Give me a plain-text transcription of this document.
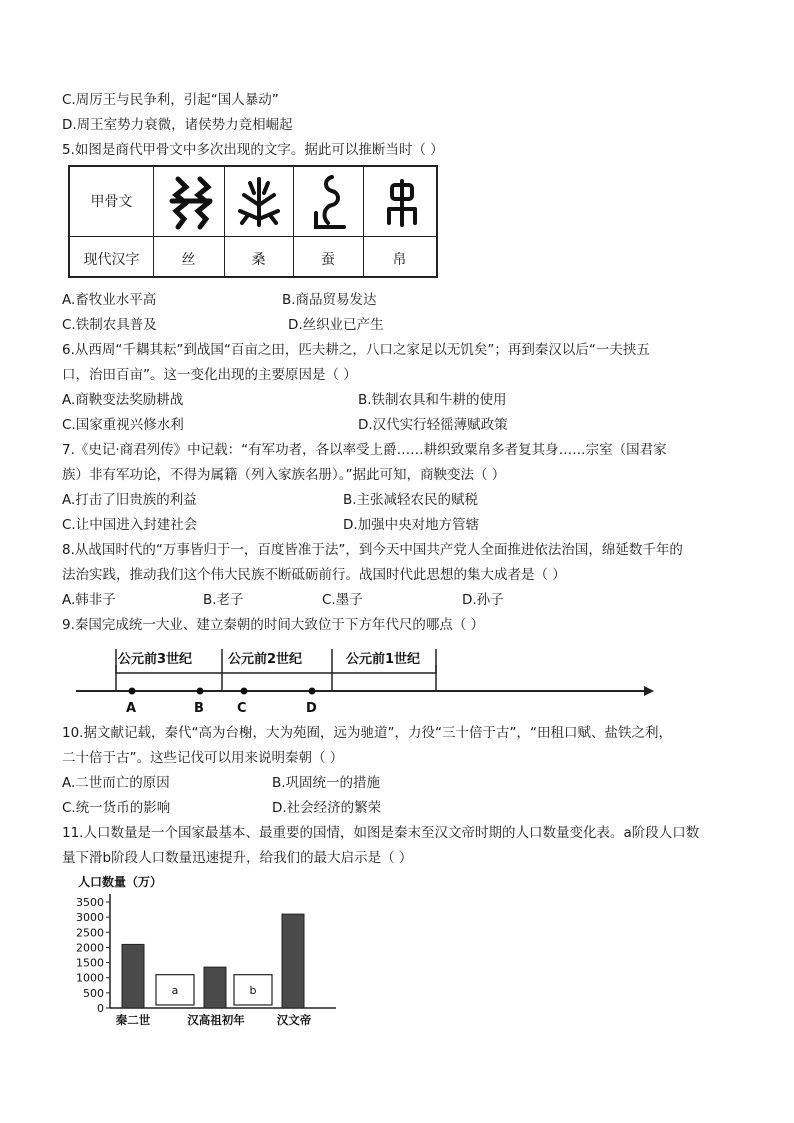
C.周厉王与民争利，引起“国人暴动”
D.周王室势力衰微，诸侯势力竞相崛起
5.如图是商代甲骨文中多次出现的文字。据此可以推断当时（ ）
甲骨文
现代汉字	丝	桑	蚕	帛
A.畜牧业水平高	B.商品贸易发达
C.铁制农具普及	D.丝织业已产生
6.从西周“千耦其耘”到战国“百亩之田，匹夫耕之，八口之家足以无饥矣”；再到秦汉以后“一夫挟五
口，治田百亩”。这一变化出现的主要原因是（ ）
A.商鞅变法奖励耕战	B.铁制农具和牛耕的使用
C.国家重视兴修水利	D.汉代实行轻徭薄赋政策
7.《史记·商君列传》中记载：“有军功者，各以率受上爵……耕织致粟帛多者复其身……宗室（国君家
族）非有军功论，不得为属籍（列入家族名册）。”据此可知，商鞅变法（ ）
A.打击了旧贵族的利益	B.主张减轻农民的赋税
C.让中国进入封建社会	D.加强中央对地方管辖
8.从战国时代的“万事皆归于一，百度皆准于法”，到今天中国共产党人全面推进依法治国，绵延数千年的
法治实践，推动我们这个伟大民族不断砥砺前行。战国时代此思想的集大成者是（ ）
A.韩非子	B.老子	C.墨子	D.孙子
9.秦国完成统一大业、建立秦朝的时间大致位于下方年代尺的哪点（ ）
公元前3世纪	公元前2世纪	公元前1世纪
A	B	C	D
10.据文献记载，秦代“高为台榭，大为苑囿，远为驰道”，力役“三十倍于古”，“田租口赋、盐铁之利，
二十倍于古”。这些记伐可以用来说明秦朝（ ）
A.二世而亡的原因	B.巩固统一的措施
C.统一货币的影响	D.社会经济的繁荣
11.人口数量是一个国家最基本、最重要的国情，如图是秦末至汉文帝时期的人口数量变化表。a阶段人口数
量下滑b阶段人口数量迅速提升，给我们的最大启示是（ ）
人口数量（万）
0
500
1000
1500
2000
2500
3000
3500
a	b
秦二世	汉高祖初年	汉文帝
